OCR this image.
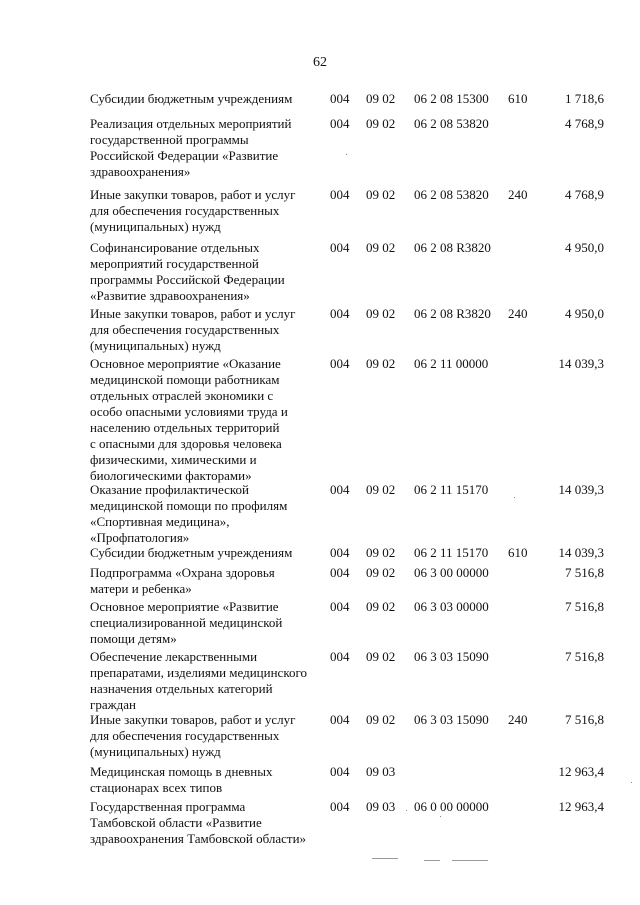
62
Субсидии бюджетным учреждениям	004 09 02 06 2 08 15300 610	1 718,6
Реализация отдельных мероприятий
государственной программы
Российской Федерации «Развитие
здравоохранения»
004 09 02 06 2 08 53820	4 768,9
Иные закупки товаров, работ и услуг
для обеспечения государственных
(муниципальных) нужд
004 09 02 06 2 08 53820 240	4 768,9
Софинансирование отдельных
мероприятий государственной
программы Российской Федерации
«Развитие здравоохранения»
004 09 02 06 2 08 R3820	4 950,0
Иные закупки товаров, работ и услуг
для обеспечения государственных
(муниципальных) нужд
004 09 02 06 2 08 R3820 240	4 950,0
Основное мероприятие «Оказание
медицинской помощи работникам
отдельных отраслей экономики с
особо опасными условиями труда и
населению отдельных территорий
с опасными для здоровья человека
физическими, химическими и
биологическими факторами»
004 09 02 06 2 11 00000	14 039,3
Оказание профилактической
медицинской помощи по профилям
«Спортивная медицина»,
«Профпатология»
004 09 02 06 2 11 15170	14 039,3
Субсидии бюджетным учреждениям	004 09 02 06 2 11 15170 610 14 039,3
Подпрограмма «Охрана здоровья
матери и ребенка»
004 09 02 06 3 00 00000	7 516,8
Основное мероприятие «Развитие
специализированной медицинской
помощи детям»
004 09 02 06 3 03 00000	7 516,8
Обеспечение лекарственными
препаратами, изделиями медицинского
назначения отдельных категорий
граждан
004 09 02 06 3 03 15090	7 516,8
Иные закупки товаров, работ и услуг
для обеспечения государственных
(муниципальных) нужд
004 09 02 06 3 03 15090 240	7 516,8
Медицинская помощь в дневных
стационарах всех типов
004 09 03	12 963,4
Государственная программа
Тамбовской области «Развитие
здравоохранения Тамбовской области»
004 09 03 06 0 00 00000	12 963,4
